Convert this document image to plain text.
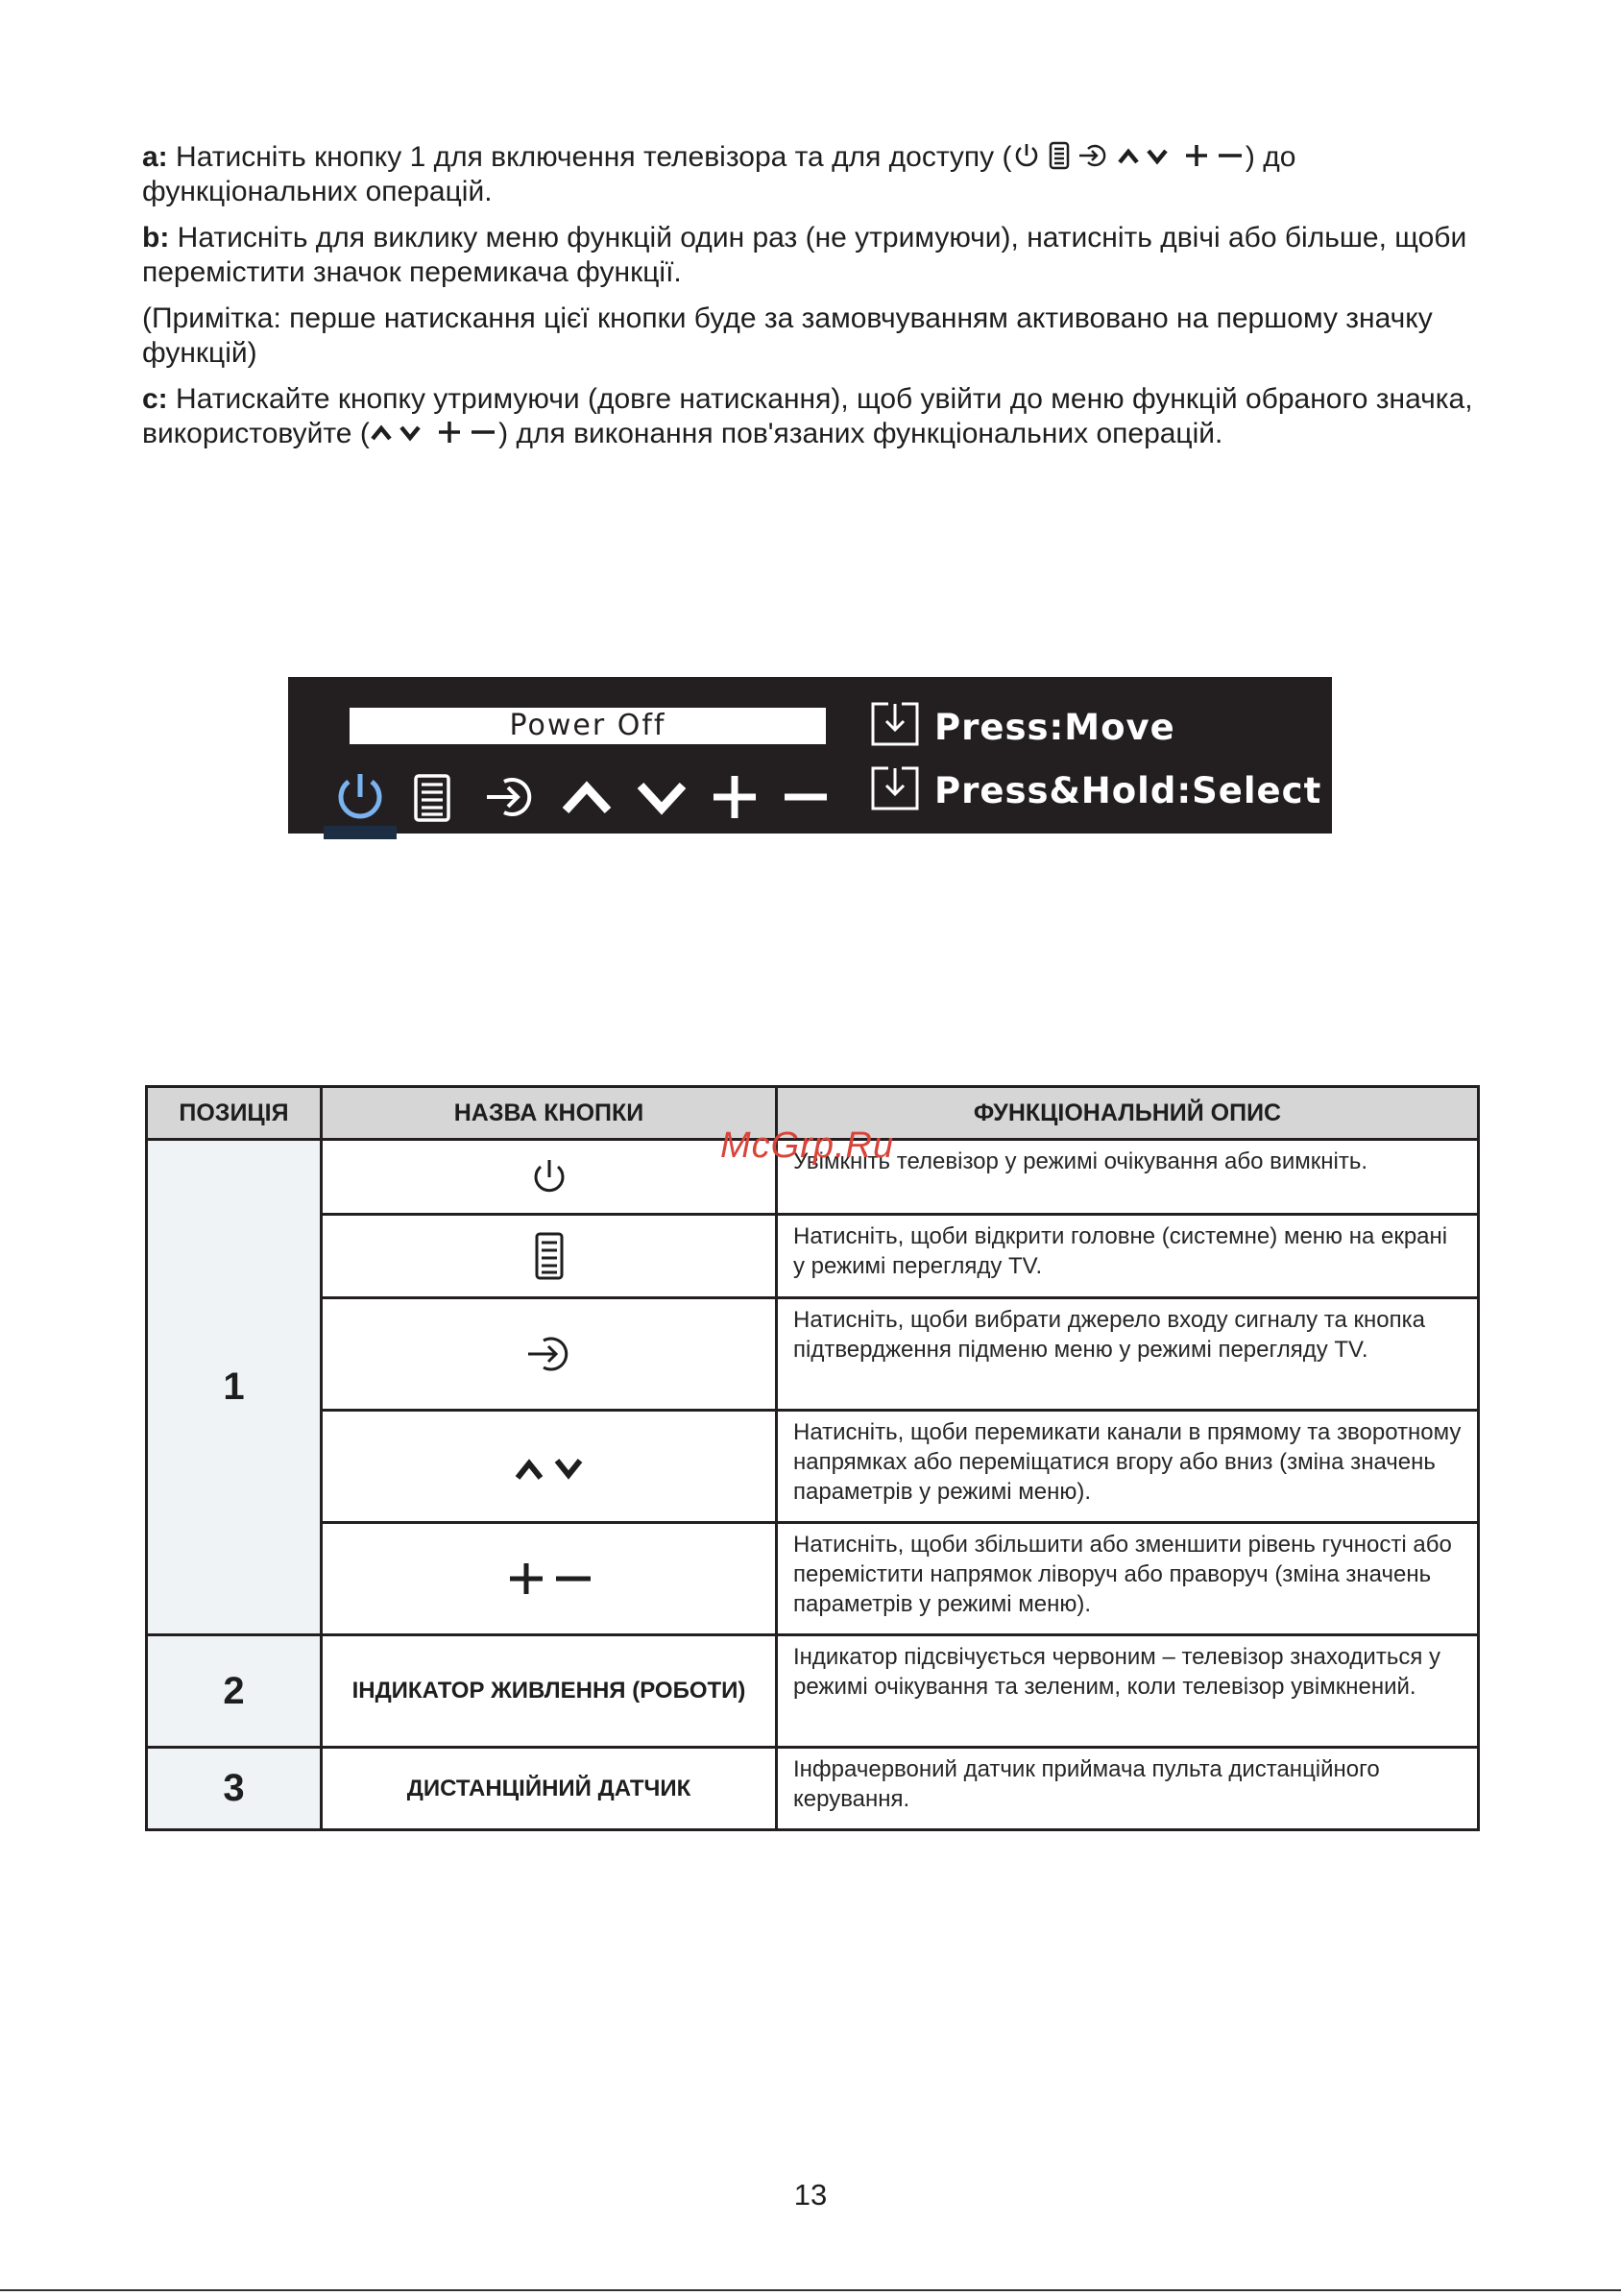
a: Натисніть кнопку 1 для включення телевізора та для доступу (

	) до функціональних операцій.

b: Натисніть для виклику меню функцій один раз (не утримуючи), натисніть двічі або більше, щоби перемістити значок перемикача функції.

(Примітка: перше натискання цієї кнопки буде за замовчуванням активовано на першому значку функцій)

c: Натискайте кнопку утримуючи (довге натискання), щоб увійти до меню функцій обраного значка, використовуйте (
	) для виконання пов'язаних функціональних операцій.

Power Off	Press:Move
Press&Hold:Select
ПОЗИЦІЯ	НАЗВА КНОПКИ	ФУНКЦІОНАЛЬНИЙ ОПИС
1		Увімкніть телевізор у режимі очікування або вимкніть.
	Натисніть, щоби відкрити головне (системне) меню на екрані у режимі перегляду TV.
	Натисніть, щоби вибрати джерело входу сигналу та кнопка підтвердження підменю меню у режимі перегляду TV.
	Натисніть, щоби перемикати канали в прямому та зворотному напрямках або переміщатися вгору або вниз (зміна значень параметрів у режимі меню).
	Натисніть, щоби збільшити або зменшити рівень гучності або перемістити напрямок ліворуч або праворуч (зміна значень параметрів у режимі меню).
2	ІНДИКАТОР ЖИВЛЕННЯ (РОБОТИ)	Індикатор підсвічується червоним – телевізор знаходиться у режимі очікування та зеленим, коли телевізор увімкнений.
3	ДИСТАНЦІЙНИЙ ДАТЧИК	Інфрачервоний датчик приймача пульта дистанційного керування.
McGrp.Ru
13
